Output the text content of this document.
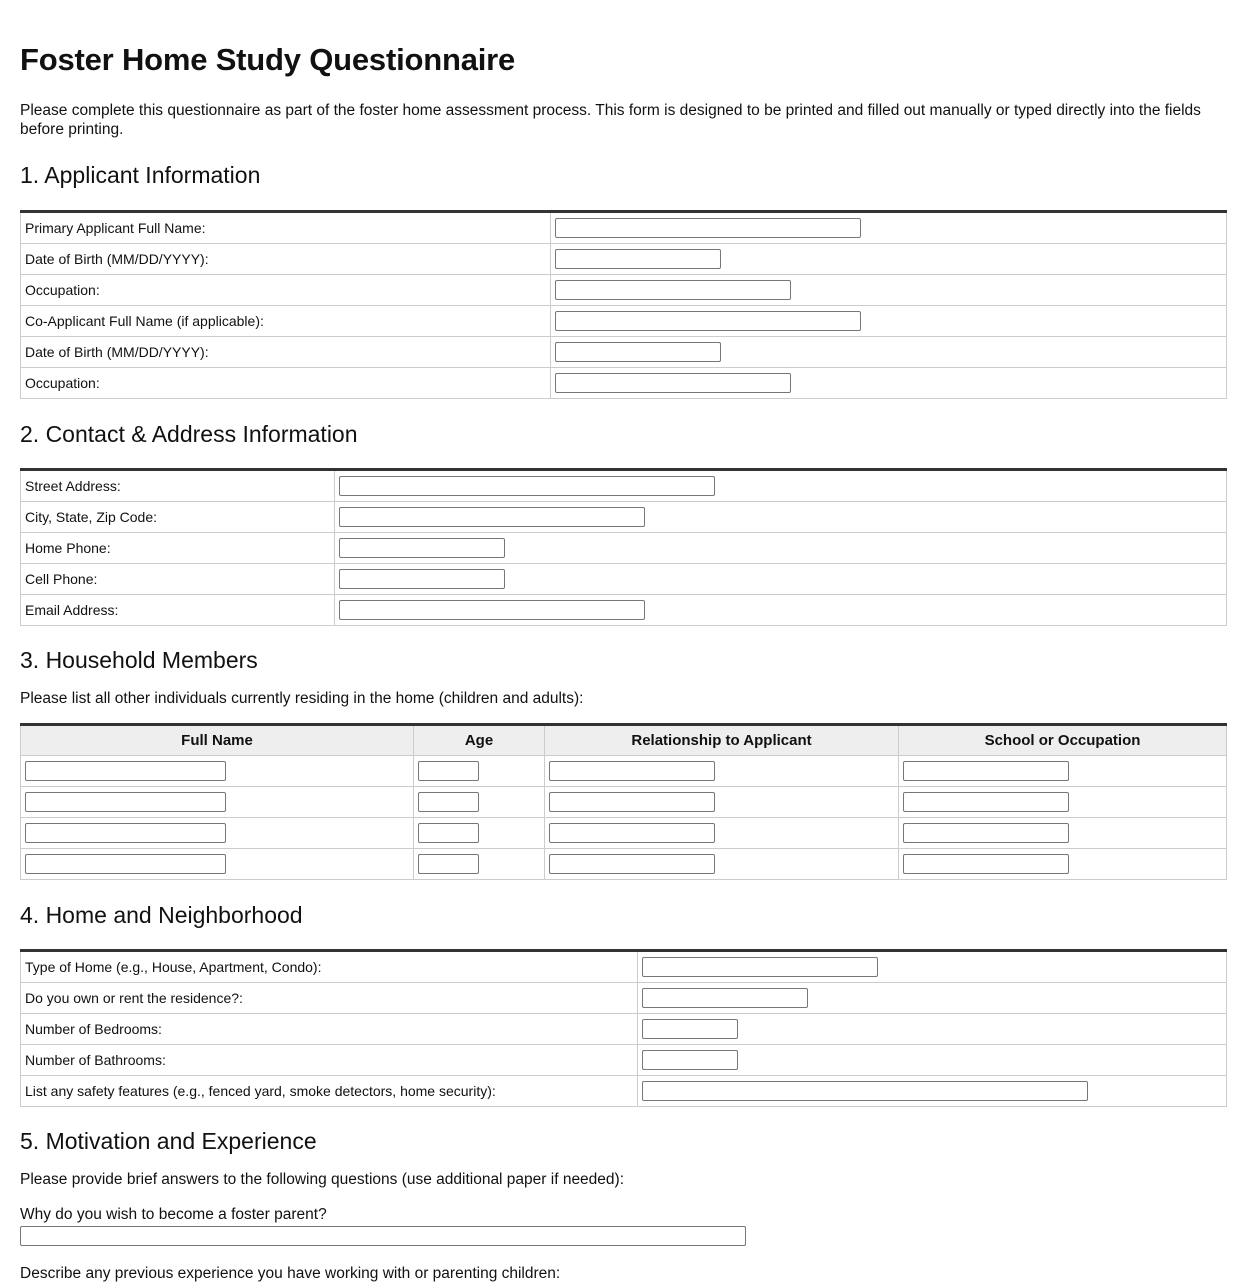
Foster Home Study Questionnaire

Please complete this questionnaire as part of the foster home assessment process. This form is designed to be printed and filled out manually or typed directly into the fields before printing.

1. Applicant Information
Primary Applicant Full Name:	
Date of Birth (MM/DD/YYYY):	
Occupation:	
Co-Applicant Full Name (if applicable):	
Date of Birth (MM/DD/YYYY):	
Occupation:	
2. Contact & Address Information
Street Address:	
City, State, Zip Code:	
Home Phone:	
Cell Phone:	
Email Address:	
3. Household Members

Please list all other individuals currently residing in the home (children and adults):

Full Name	Age	Relationship to Applicant	School or Occupation

4. Home and Neighborhood
Type of Home (e.g., House, Apartment, Condo):	
Do you own or rent the residence?:	
Number of Bedrooms:	
Number of Bathrooms:	
List any safety features (e.g., fenced yard, smoke detectors, home security):	
5. Motivation and Experience

Please provide brief answers to the following questions (use additional paper if needed):

Why do you wish to become a foster parent?
Describe any previous experience you have working with or parenting children:
